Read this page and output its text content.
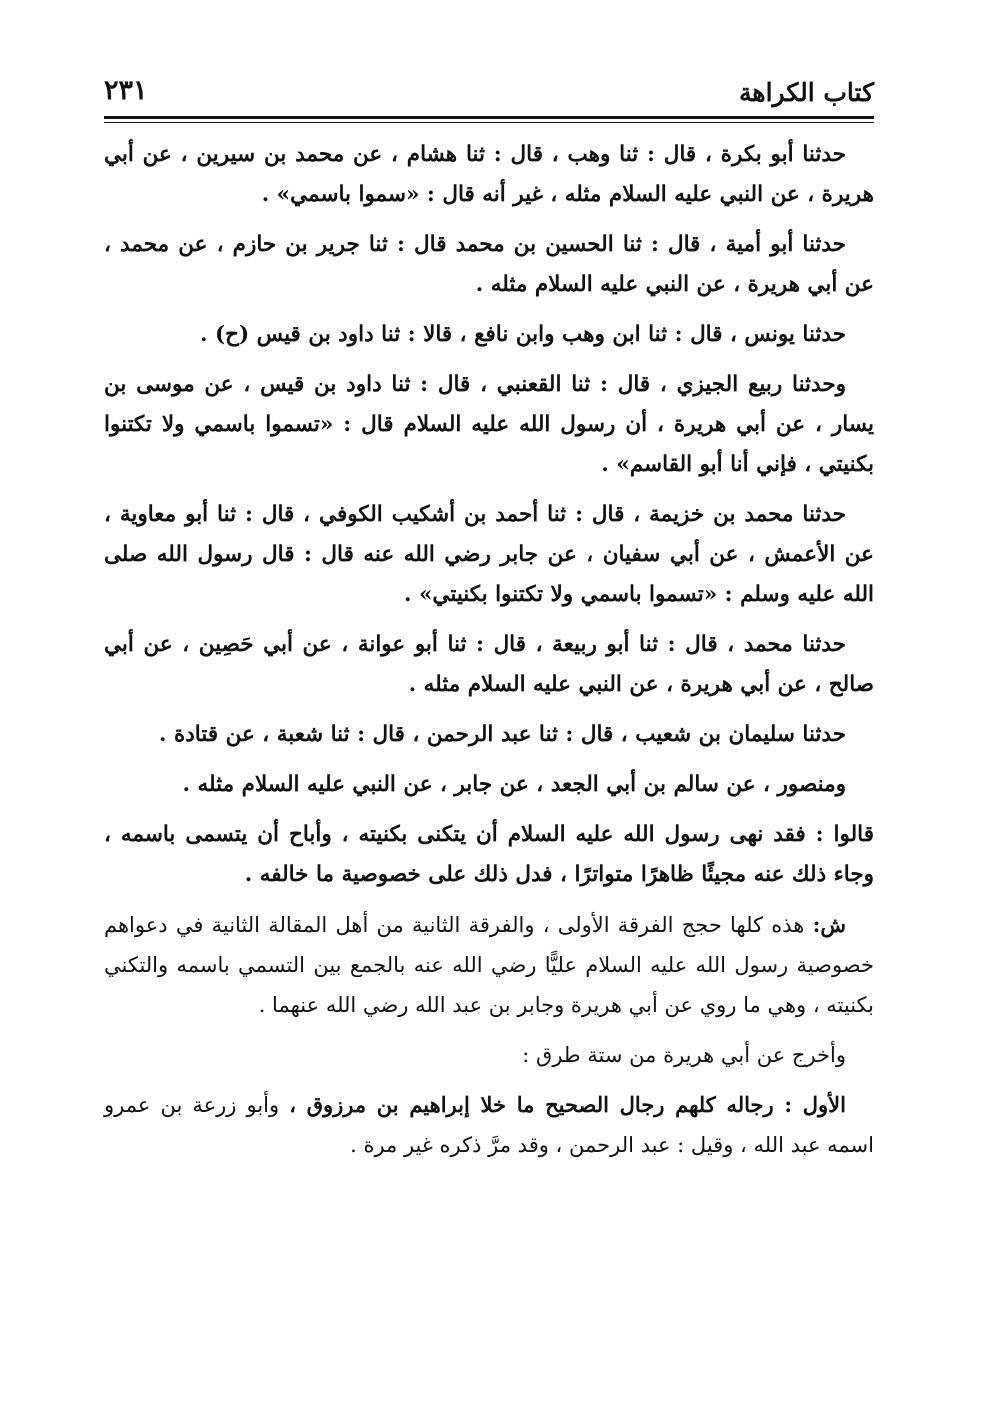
كتاب الكراهة
٢٣١

حدثنا أبو بكرة ، قال : ثنا وهب ، قال : ثنا هشام ، عن محمد بن سيرين ، عن أبي هريرة ، عن النبي عليه السلام مثله ، غير أنه قال : «سموا باسمي» .

حدثنا أبو أمية ، قال : ثنا الحسين بن محمد قال : ثنا جرير بن حازم ، عن محمد ، عن أبي هريرة ، عن النبي عليه السلام مثله .

حدثنا يونس ، قال : ثنا ابن وهب وابن نافع ، قالا : ثنا داود بن قيس (ح) .

وحدثنا ربيع الجيزي ، قال : ثنا القعنبي ، قال : ثنا داود بن قيس ، عن موسى بن يسار ، عن أبي هريرة ، أن رسول الله عليه السلام قال : «تسموا باسمي ولا تكتنوا بكنيتي ، فإني أنا أبو القاسم» .

حدثنا محمد بن خزيمة ، قال : ثنا أحمد بن أشكيب الكوفي ، قال : ثنا أبو معاوية ، عن الأعمش ، عن أبي سفيان ، عن جابر رضي الله عنه قال : قال رسول الله صلى الله عليه وسلم : «تسموا باسمي ولا تكتنوا بكنيتي» .

حدثنا محمد ، قال : ثنا أبو ربيعة ، قال : ثنا أبو عوانة ، عن أبي حَصِين ، عن أبي صالح ، عن أبي هريرة ، عن النبي عليه السلام مثله .

حدثنا سليمان بن شعيب ، قال : ثنا عبد الرحمن ، قال : ثنا شعبة ، عن قتادة .

ومنصور ، عن سالم بن أبي الجعد ، عن جابر ، عن النبي عليه السلام مثله .

قالوا : فقد نهى رسول الله عليه السلام أن يتكنى بكنيته ، وأباح أن يتسمى باسمه ، وجاء ذلك عنه مجيئًا ظاهرًا متواترًا ، فدل ذلك على خصوصية ما خالفه .

ش: هذه كلها حجج الفرقة الأولى ، والفرقة الثانية من أهل المقالة الثانية في دعواهم خصوصية رسول الله عليه السلام عليًّا رضي الله عنه بالجمع بين التسمي باسمه والتكني بكنيته ، وهي ما روي عن أبي هريرة وجابر بن عبد الله رضي الله عنهما .

وأخرج عن أبي هريرة من ستة طرق :

الأول : رجاله كلهم رجال الصحيح ما خلا إبراهيم بن مرزوق ، وأبو زرعة بن عمرو اسمه عبد الله ، وقيل : عبد الرحمن ، وقد مرَّ ذكره غير مرة .
